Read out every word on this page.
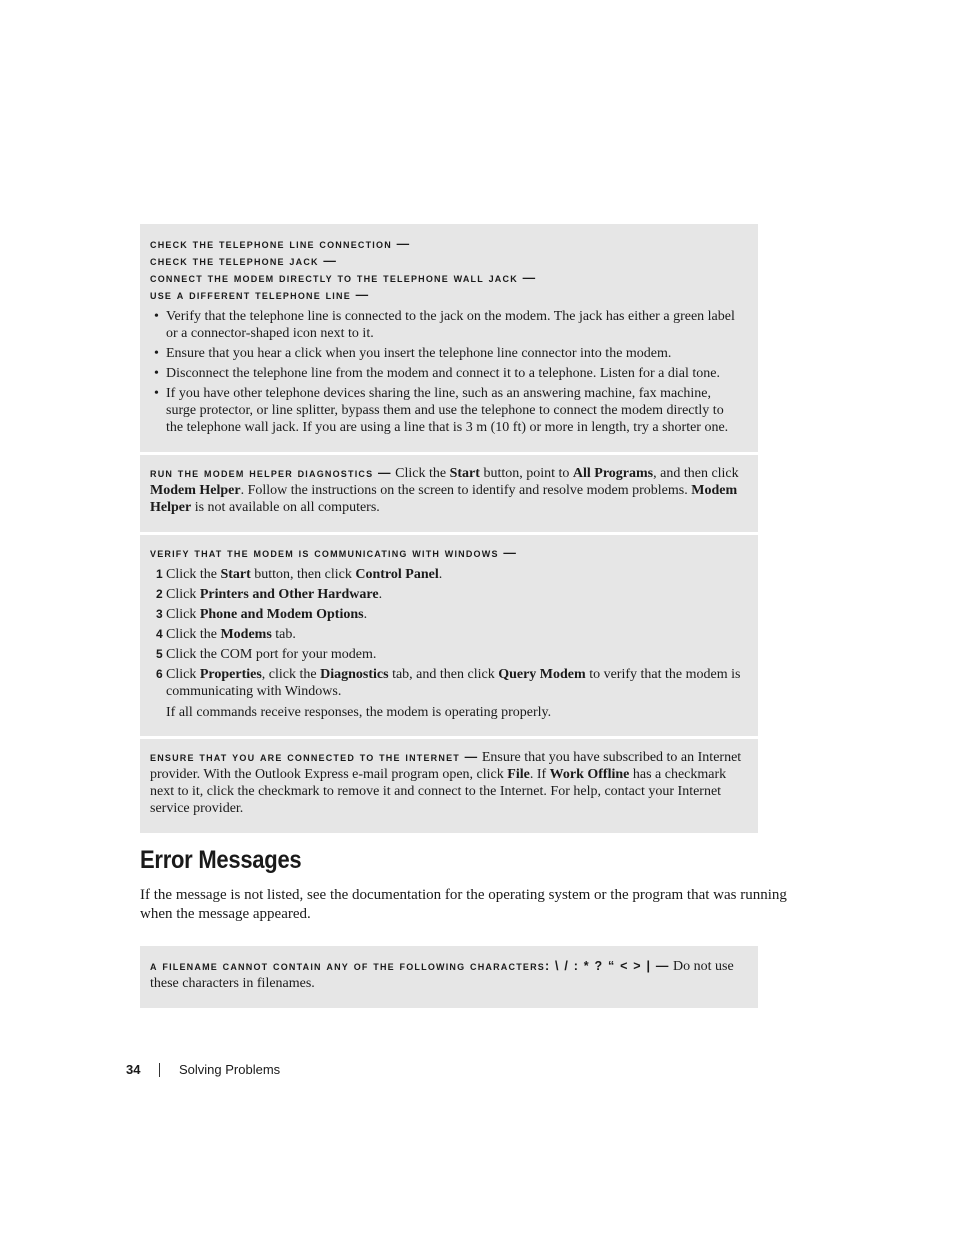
check the telephone line connection —
check the telephone jack —
connect the modem directly to the telephone wall jack —
use a different telephone line —
• Verify that the telephone line is connected to the jack on the modem. The jack has either a green label or a connector-shaped icon next to it.
• Ensure that you hear a click when you insert the telephone line connector into the modem.
• Disconnect the telephone line from the modem and connect it to a telephone. Listen for a dial tone.
• If you have other telephone devices sharing the line, such as an answering machine, fax machine, surge protector, or line splitter, bypass them and use the telephone to connect the modem directly to the telephone wall jack. If you are using a line that is 3 m (10 ft) or more in length, try a shorter one.
run the modem helper diagnostics — Click the Start button, point to All Programs, and then click Modem Helper. Follow the instructions on the screen to identify and resolve modem problems. Modem Helper is not available on all computers.
verify that the modem is communicating with windows —
1 Click the Start button, then click Control Panel.
2 Click Printers and Other Hardware.
3 Click Phone and Modem Options.
4 Click the Modems tab.
5 Click the COM port for your modem.
6 Click Properties, click the Diagnostics tab, and then click Query Modem to verify that the modem is communicating with Windows.
If all commands receive responses, the modem is operating properly.
ensure that you are connected to the internet — Ensure that you have subscribed to an Internet provider. With the Outlook Express e-mail program open, click File. If Work Offline has a checkmark next to it, click the checkmark to remove it and connect to the Internet. For help, contact your Internet service provider.
Error Messages
If the message is not listed, see the documentation for the operating system or the program that was running when the message appeared.
a filename cannot contain any of the following characters: \ / : * ? “ < > | — Do not use these characters in filenames.
34	Solving Problems
